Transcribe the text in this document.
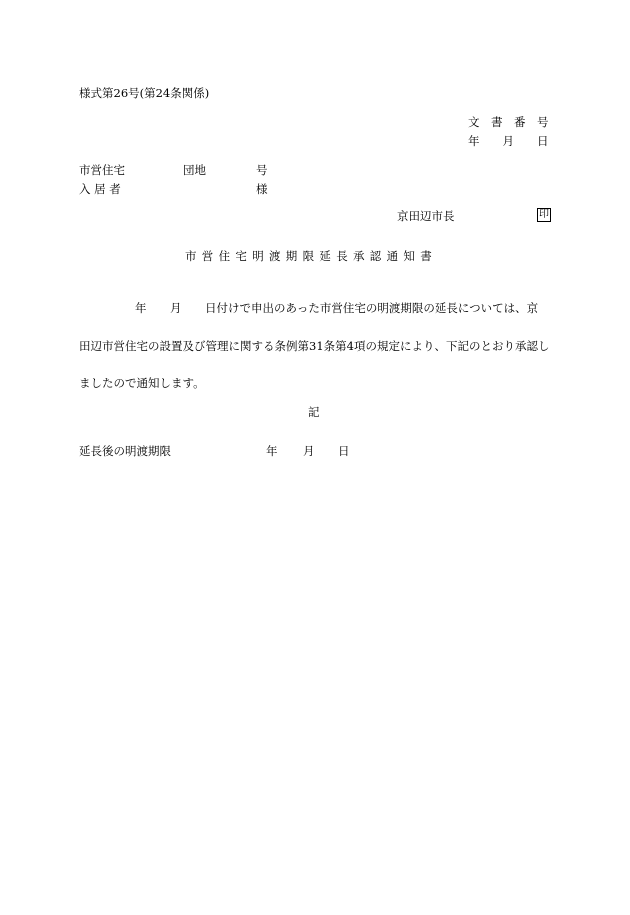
様式第26号(第24条関係)
文　書　番　号
年　　月　　日
市営住宅	団地	号
入 居 者	様
京田辺市長	印
市営住宅明渡期限延長承認通知書
年 月 日付けで申出のあった市営住宅の明渡期限の延長については、京
田辺市営住宅の設置及び管理に関する条例第31条第4項の規定により、下記のとおり承認し
ましたので通知します。
記
延長後の明渡期限	年 月 日
